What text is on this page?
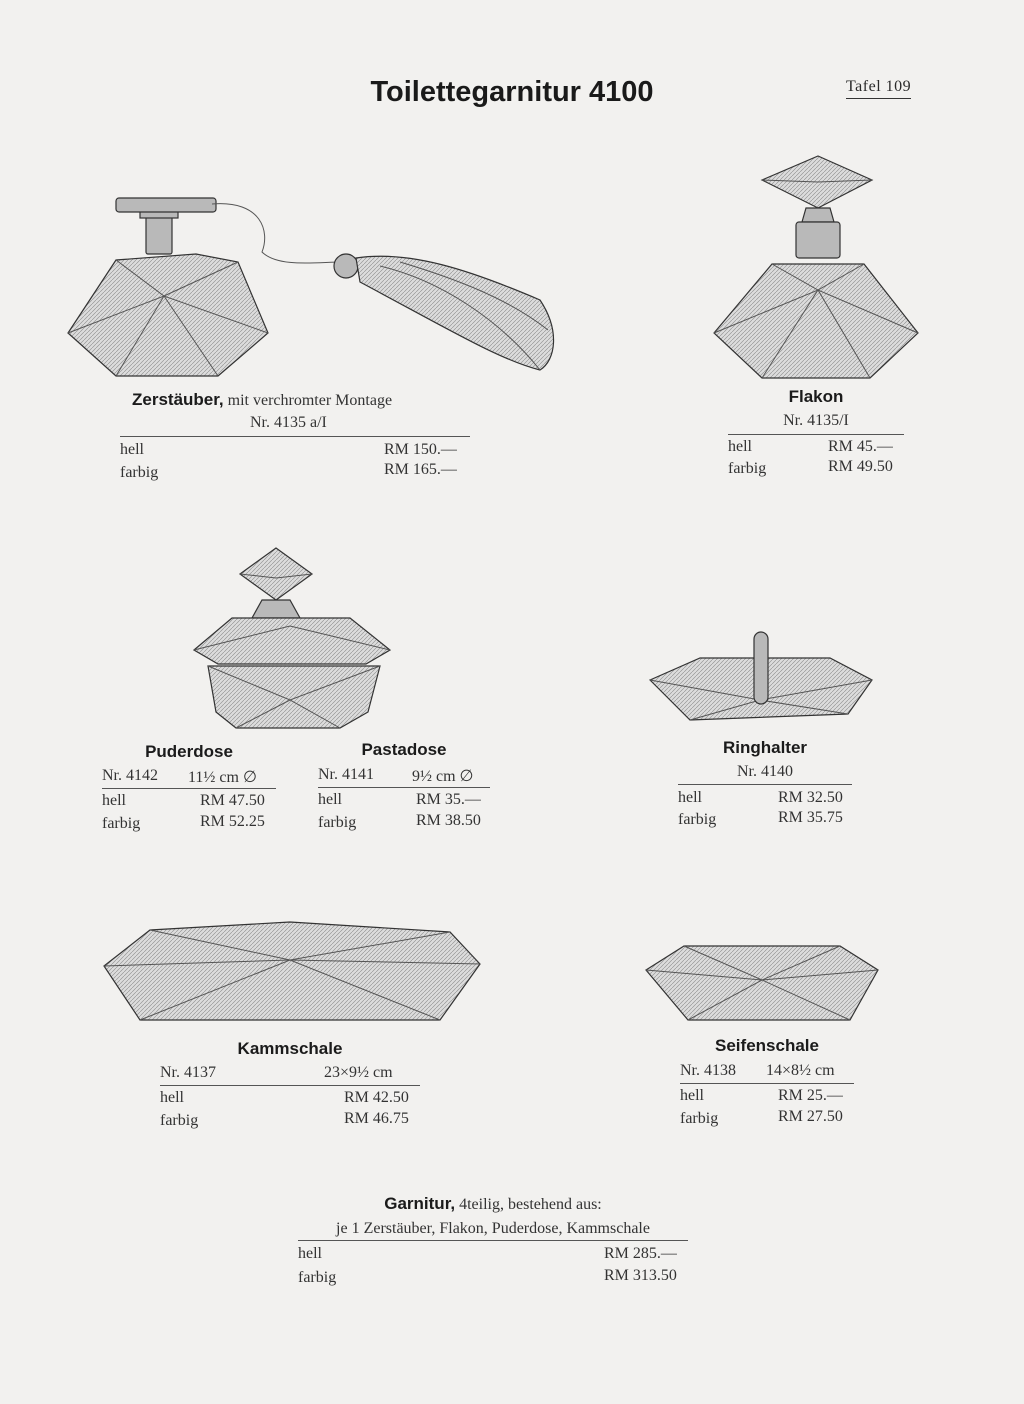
Toilettegarnitur 4100	Tafel 109
Zerstäuber, mit verchromter Montage
Nr. 4135 a/I
hell	RM 150.—
farbig	RM 165.—
Flakon
Nr. 4135/I
hell	RM 45.—
farbig	RM 49.50
Puderdose
Nr. 4142 11½ cm ∅
hell	RM 47.50
farbig	RM 52.25
Pastadose
Nr. 4141 9½ cm ∅
hell	RM 35.—
farbig	RM 38.50
Ringhalter
Nr. 4140
hell	RM 32.50
farbig	RM 35.75
Kammschale
Nr. 4137	23×9½ cm
hell	RM 42.50
farbig	RM 46.75
Seifenschale
Nr. 4138 14×8½ cm
hell	RM 25.—
farbig	RM 27.50
Garnitur, 4teilig, bestehend aus:
je 1 Zerstäuber, Flakon, Puderdose, Kammschale
hell	RM 285.—
farbig	RM 313.50
